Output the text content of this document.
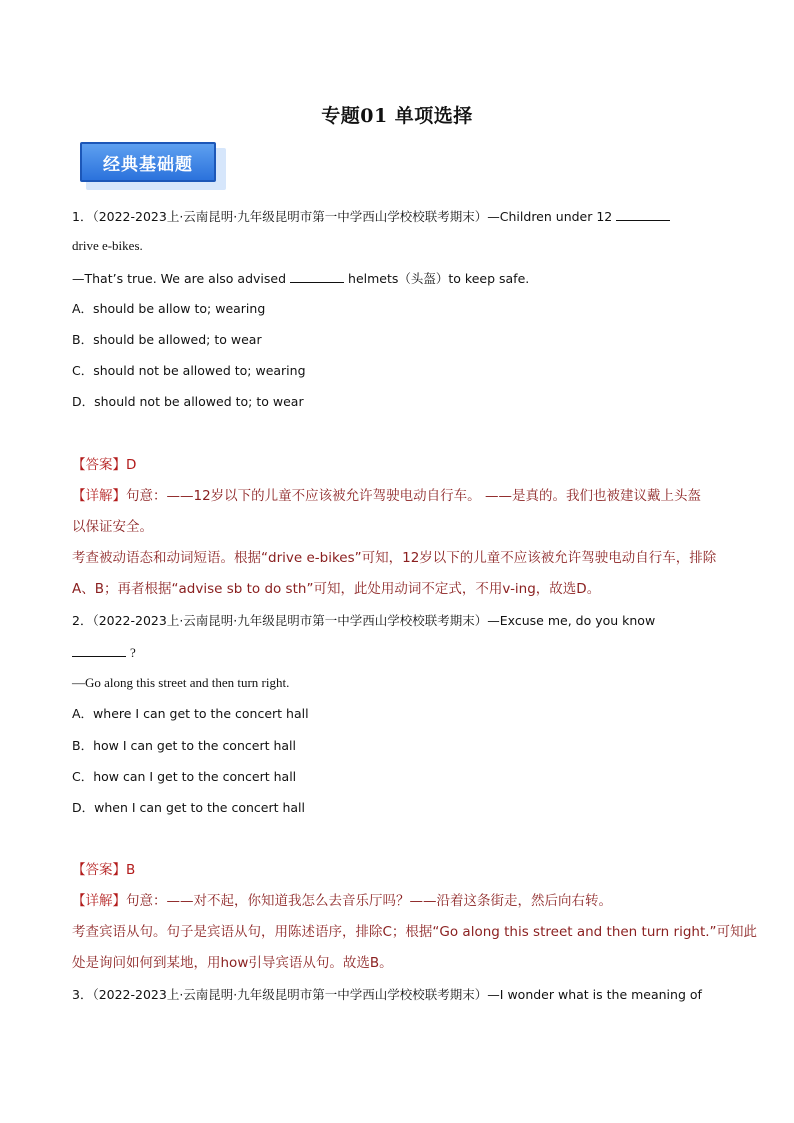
专题01 单项选择
经典基础题
1．（2022-2023上·云南昆明·九年级昆明市第一中学西山学校校联考期末）—Children under 12
drive e-bikes.
—That’s true. We are also advised	helmets（头盔）to keep safe.
A．should be allow to; wearing
B．should be allowed; to wear
C．should not be allowed to; wearing
D．should not be allowed to; to wear
【答案】D
【详解】句意：——12岁以下的儿童不应该被允许驾驶电动自行车。 ——是真的。我们也被建议戴上头盔
以保证安全。
考查被动语态和动词短语。根据“drive e-bikes”可知，12岁以下的儿童不应该被允许驾驶电动自行车，排除
A、B；再者根据“advise sb to do sth”可知，此处用动词不定式，不用v-ing，故选D。
2．（2022-2023上·云南昆明·九年级昆明市第一中学西山学校校联考期末）—Excuse me, do you know
?
—Go along this street and then turn right.
A．where I can get to the concert hall
B．how I can get to the concert hall
C．how can I get to the concert hall
D．when I can get to the concert hall
【答案】B
【详解】句意：——对不起，你知道我怎么去音乐厅吗？——沿着这条街走，然后向右转。
考查宾语从句。句子是宾语从句，用陈述语序，排除C；根据“Go along this street and then turn right.”可知此
处是询问如何到某地，用how引导宾语从句。故选B。
3．（2022-2023上·云南昆明·九年级昆明市第一中学西山学校校联考期末）—I wonder what is the meaning of
